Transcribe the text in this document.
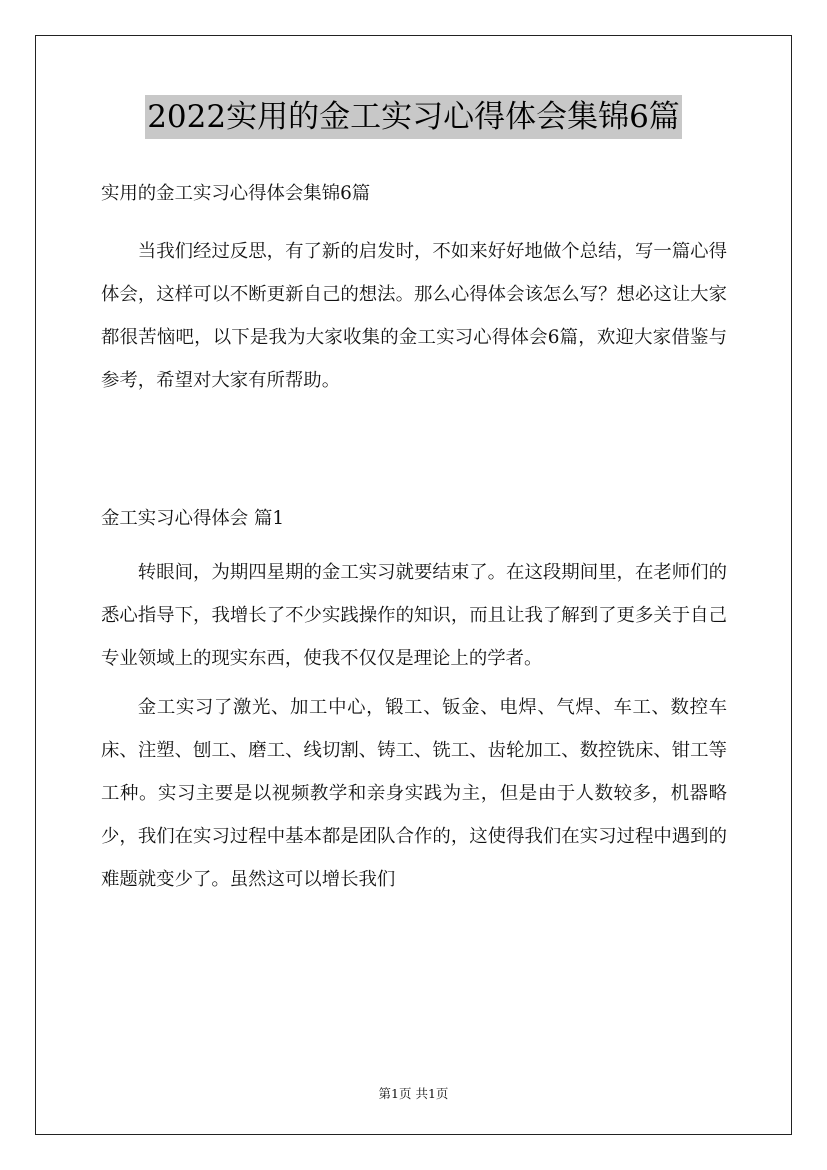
2022实用的金工实习心得体会集锦6篇
实用的金工实习心得体会集锦6篇

当我们经过反思，有了新的启发时，不如来好好地做个总结，写一篇心得体会，这样可以不断更新自己的想法。那么心得体会该怎么写？想必这让大家都很苦恼吧，以下是我为大家收集的金工实习心得体会6篇，欢迎大家借鉴与参考，希望对大家有所帮助。

金工实习心得体会 篇1

转眼间，为期四星期的金工实习就要结束了。在这段期间里，在老师们的悉心指导下，我增长了不少实践操作的知识，而且让我了解到了更多关于自己专业领域上的现实东西，使我不仅仅是理论上的学者。

金工实习了激光、加工中心，锻工、钣金、电焊、气焊、车工、数控车床、注塑、刨工、磨工、线切割、铸工、铣工、齿轮加工、数控铣床、钳工等工种。实习主要是以视频教学和亲身实践为主，但是由于人数较多，机器略少，我们在实习过程中基本都是团队合作的，这使得我们在实习过程中遇到的难题就变少了。虽然这可以增长我们

第1页 共1页
